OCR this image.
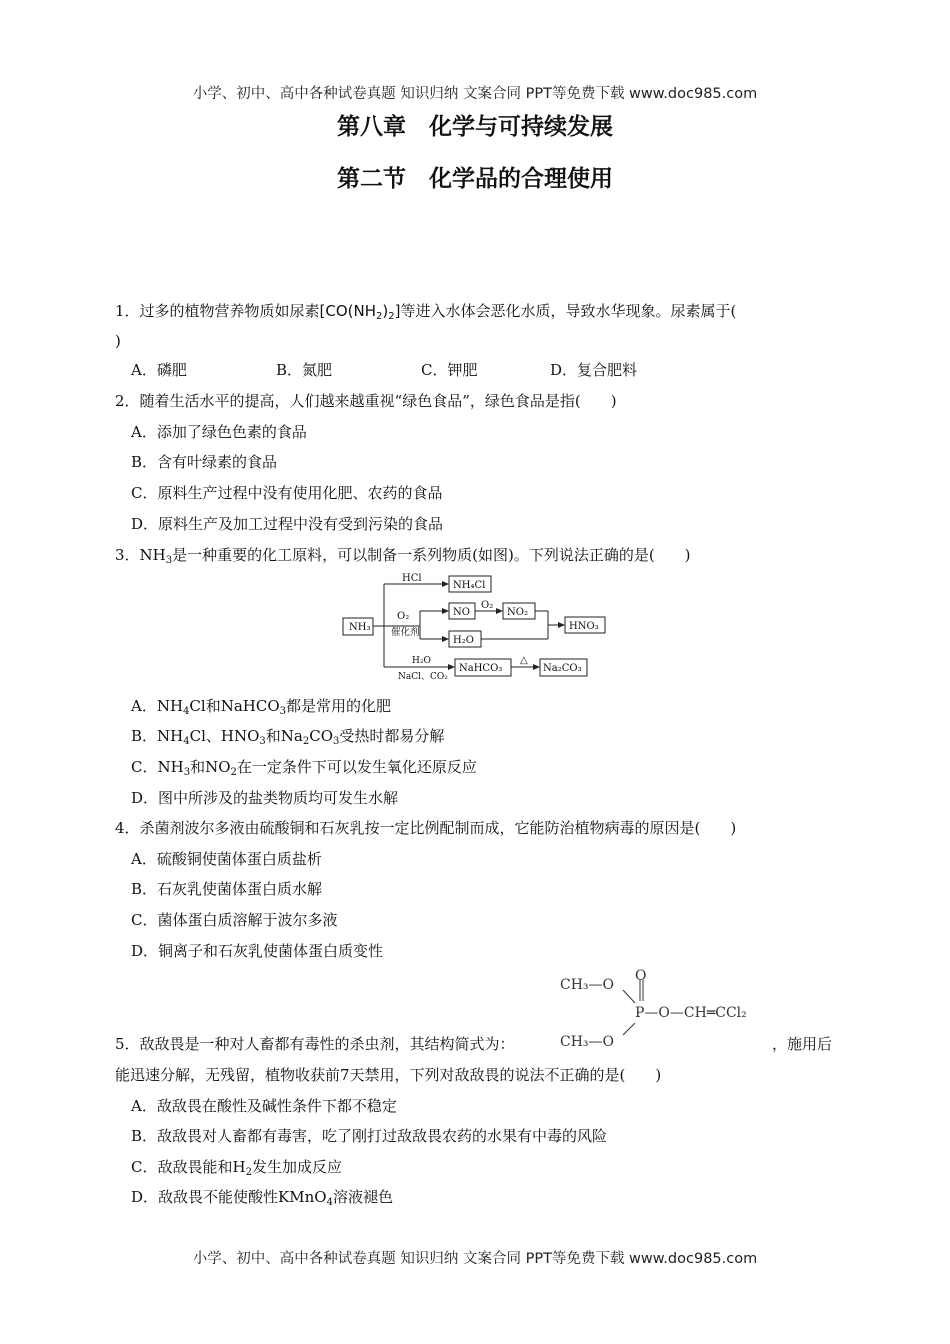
小学、初中、高中各种试卷真题 知识归纳 文案合同 PPT等免费下载 www.doc985.com
第八章　化学与可持续发展
第二节　化学品的合理使用
1．过多的植物营养物质如尿素$[CO(NH_2)_2]$等进入水体会恶化水质，导致水华现象。尿素属于(
)
A．磷肥	B．氮肥	C．钾肥	D．复合肥料
2．随着生活水平的提高，人们越来越重视“绿色食品”，绿色食品是指(　　)
A．添加了绿色色素的食品
B．含有叶绿素的食品
C．原料生产过程中没有使用化肥、农药的食品
D．原料生产及加工过程中没有受到污染的食品
3．$NH_3$是一种重要的化工原料，可以制备一系列物质(如图)。下列说法正确的是(　　)
NH₃
HCl
NH₄Cl
O₂
催化剂
NO
O₂
NO₂
H₂O
HNO₃
H₂O
NaCl、CO₂
NaHCO₃
△
Na₂CO₃
A．$NH_4Cl$和NaHCO$_3$都是常用的化肥
B．$NH_4Cl$、$HNO_3$和$Na_2CO_3$受热时都易分解
C．$NH_3$和$NO_2$在一定条件下可以发生氧化还原反应
D．图中所涉及的盐类物质均可发生水解
4．杀菌剂波尔多液由硫酸铜和石灰乳按一定比例配制而成，它能防治植物病毒的原因是(　　)
A．硫酸铜使菌体蛋白质盐析
B．石灰乳使菌体蛋白质水解
C．菌体蛋白质溶解于波尔多液
D．铜离子和石灰乳使菌体蛋白质变性
CH₃—O
O
P—O—CH═CCl₂
CH₃—O
5．敌敌畏是一种对人畜都有毒性的杀虫剂，其结构简式为：	，施用后
能迅速分解，无残留，植物收获前7天禁用，下列对敌敌畏的说法不正确的是(　　)
A．敌敌畏在酸性及碱性条件下都不稳定
B．敌敌畏对人畜都有毒害，吃了刚打过敌敌畏农药的水果有中毒的风险
C．敌敌畏能和$H_2$发生加成反应
D．敌敌畏不能使酸性KMnO$_4$溶液褪色
小学、初中、高中各种试卷真题 知识归纳 文案合同 PPT等免费下载 www.doc985.com
